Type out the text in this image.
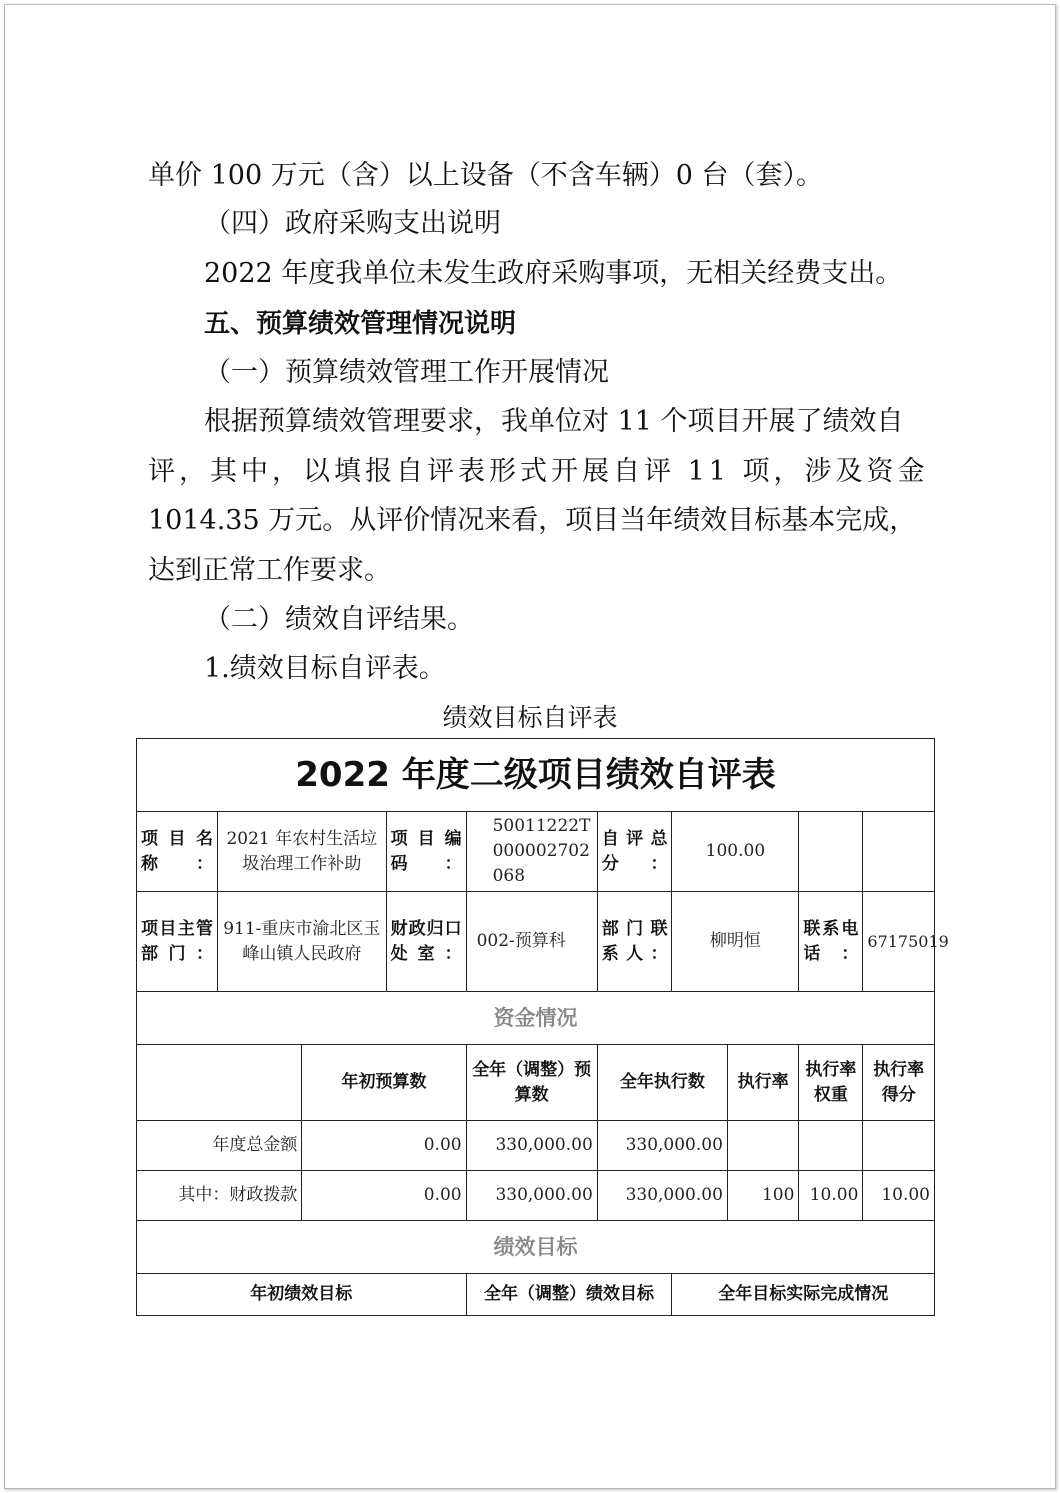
单价 100 万元（含）以上设备（不含车辆）0 台（套）。
（四）政府采购支出说明
2022 年度我单位未发生政府采购事项，无相关经费支出。
五、预算绩效管理情况说明
（一）预算绩效管理工作开展情况
根据预算绩效管理要求，我单位对 11 个项目开展了绩效自
评，其中，以填报自评表形式开展自评 11 项，涉及资金
1014.35 万元。从评价情况来看，项目当年绩效目标基本完成，
达到正常工作要求。
（二）绩效自评结果。
1.绩效目标自评表。
绩效目标自评表
2022 年度二级项目绩效自评表									
项目名称：	2021 年农村生活垃圾治理工作补助		项目编码：	50011222T000002702068	自评总分：	100.00			
项目主管部门：	911-重庆市渝北区玉峰山镇人民政府		财政归口处室：	002-预算科	部门联系人：	柳明恒		联系电话：	67175019
资金情况									
		年初预算数		全年（调整）预算数	全年执行数		执行率	执行率权重	执行率得分
年度总金额		0.00		330,000.00	330,000.00				
其中：财政拨款		0.00		330,000.00	330,000.00		100	10.00	10.00
绩效目标									
年初绩效目标				全年（调整）绩效目标		全年目标实际完成情况			
